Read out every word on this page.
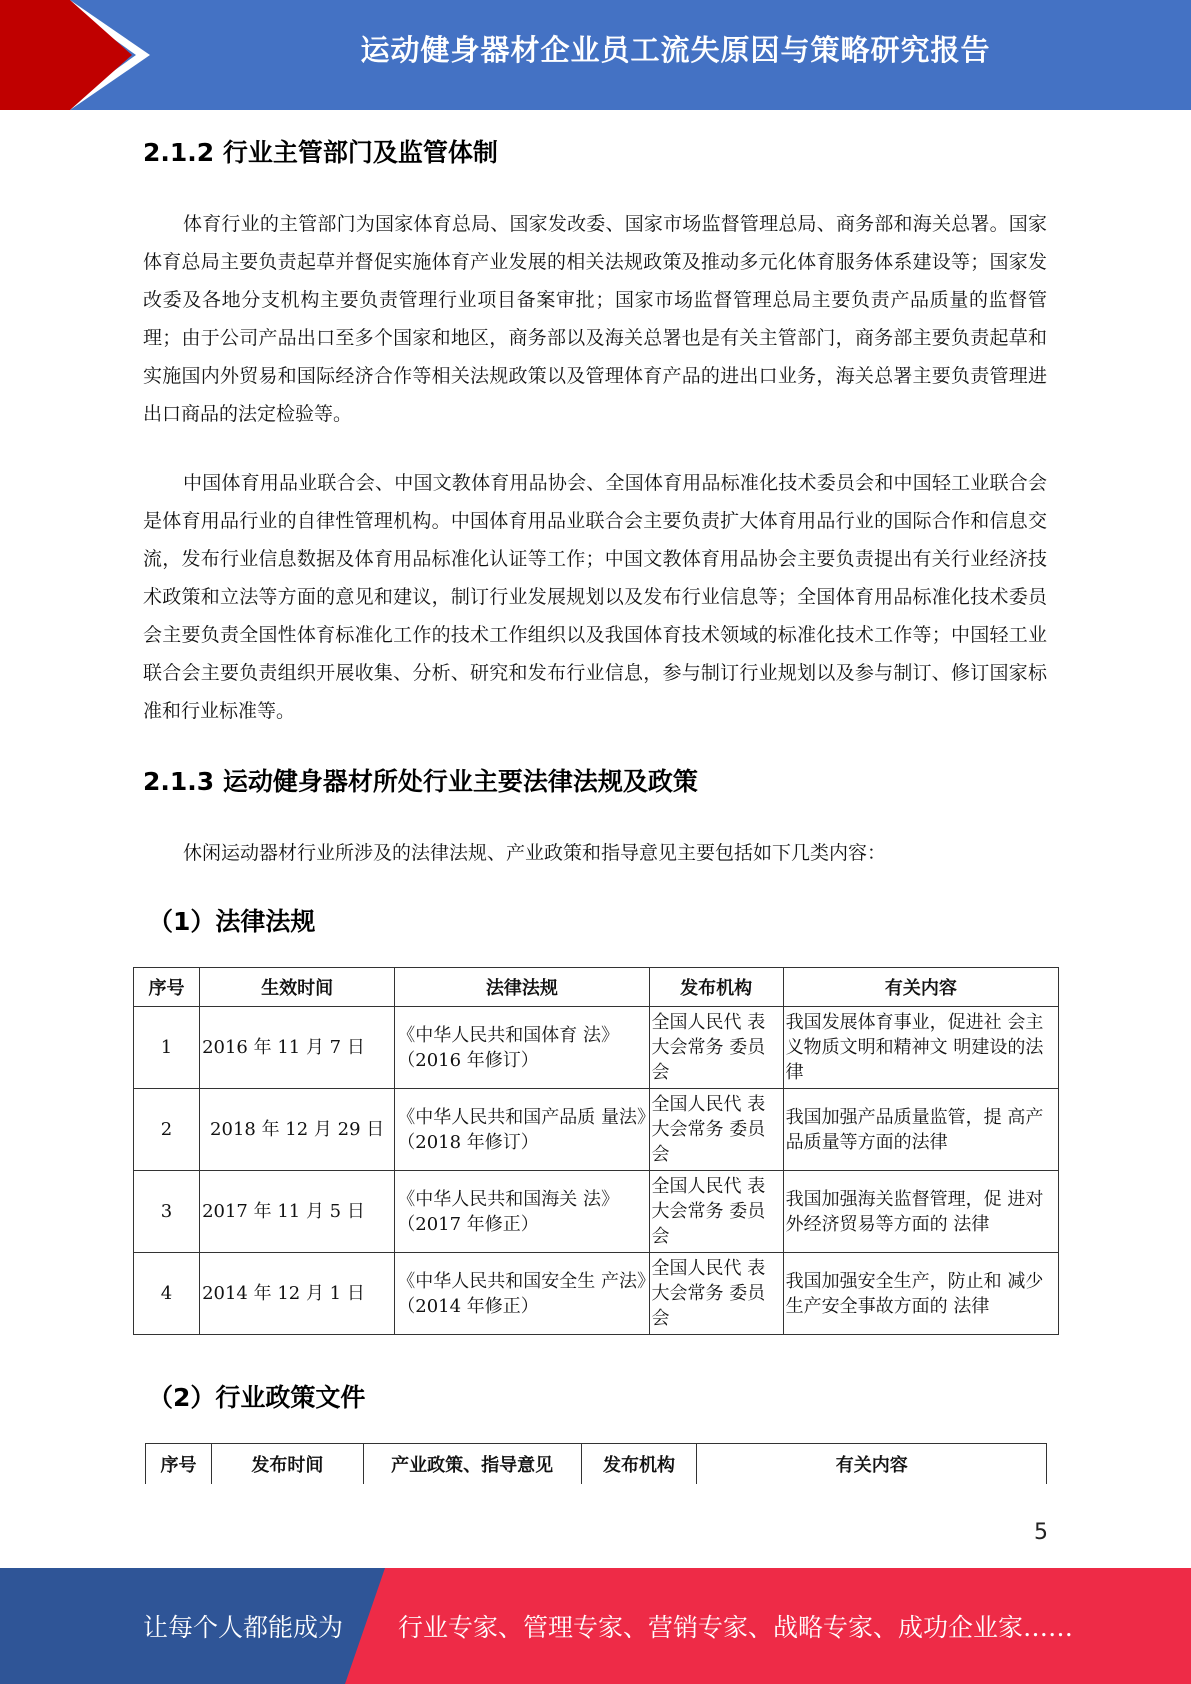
运动健身器材企业员工流失原因与策略研究报告
2.1.2 行业主管部门及监管体制

体育行业的主管部门为国家体育总局、国家发改委、国家市场监督管理总局、商务部和海关总署。国家体育总局主要负责起草并督促实施体育产业发展的相关法规政策及推动多元化体育服务体系建设等；国家发改委及各地分支机构主要负责管理行业项目备案审批；国家市场监督管理总局主要负责产品质量的监督管理；由于公司产品出口至多个国家和地区，商务部以及海关总署也是有关主管部门，商务部主要负责起草和实施国内外贸易和国际经济合作等相关法规政策以及管理体育产品的进出口业务，海关总署主要负责管理进出口商品的法定检验等。

中国体育用品业联合会、中国文教体育用品协会、全国体育用品标准化技术委员会和中国轻工业联合会是体育用品行业的自律性管理机构。中国体育用品业联合会主要负责扩大体育用品行业的国际合作和信息交流，发布行业信息数据及体育用品标准化认证等工作；中国文教体育用品协会主要负责提出有关行业经济技术政策和立法等方面的意见和建议，制订行业发展规划以及发布行业信息等；全国体育用品标准化技术委员会主要负责全国性体育标准化工作的技术工作组织以及我国体育技术领域的标准化技术工作等；中国轻工业联合会主要负责组织开展收集、分析、研究和发布行业信息，参与制订行业规划以及参与制订、修订国家标准和行业标准等。

2.1.3 运动健身器材所处行业主要法律法规及政策

休闲运动器材行业所涉及的法律法规、产业政策和指导意见主要包括如下几类内容：

（1）法律法规
序号	生效时间	法律法规	发布机构	有关内容
1	2016 年 11 月 7 日	《中华人民共和国体育 法》（2016 年修订）	全国人民代 表大会常务 委员会	我国发展体育事业，促进社 会主义物质文明和精神文 明建设的法律
2	2018 年 12 月 29 日	《中华人民共和国产品质 量法》（2018 年修订）	全国人民代 表大会常务 委员会	我国加强产品质量监管，提 高产品质量等方面的法律
3	2017 年 11 月 5 日	《中华人民共和国海关 法》（2017 年修正）	全国人民代 表大会常务 委员会	我国加强海关监督管理，促 进对外经济贸易等方面的 法律
4	2014 年 12 月 1 日	《中华人民共和国安全生 产法》（2014 年修正）	全国人民代 表大会常务 委员会	我国加强安全生产，防止和 减少生产安全事故方面的 法律
（2）行业政策文件
序号	发布时间	产业政策、指导意见	发布机构	有关内容
5
让每个人都能成为 行业专家、管理专家、营销专家、战略专家、成功企业家……
